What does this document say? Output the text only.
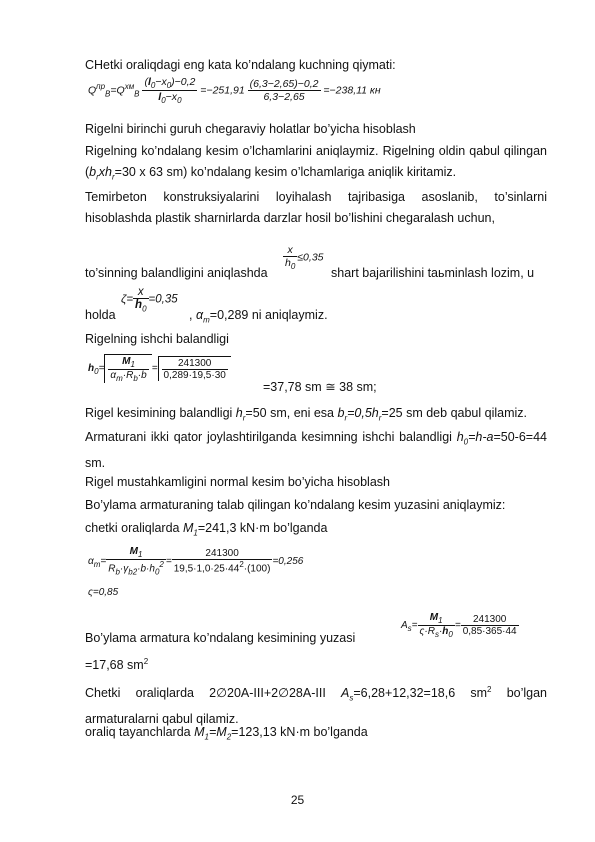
CHetki oraliqdagi eng kata ko’ndalang kuchning qiymati:
$Q^{пр}_B=Q^{хм}_B \frac{(l_0-x_0)-0,2}{l_0-x_0} =-251,91 \frac{(6,3-2,65)-0,2}{6,3-2,65} =-238,11$ кн
Rigelni birinchi guruh chegaraviy holatlar bo’yicha hisoblash
Rigelning ko’ndalang kesim o’lchamlarini aniqlaymiz. Rigelning oldin qabul qilingan ($b_rxh_r=30$ x 63 sm) ko’ndalang kesim o’lchamlariga aniqlik kiritamiz.
Temirbeton konstruksiyalarini loyihalash tajribasiga asoslanib, to’sinlarni hisoblashda plastik sharnirlarda darzlar hosil bo’lishini chegaralash uchun,
$\frac{x}{h_0} \le 0,35$
to’sinning balandligini aniqlashda	shart bajarilishini taьminlash lozim, u
$\zeta= \frac{x}{h_0} =0,35$
holda	, $\alpha_m=0,289$ ni aniqlaymiz.
Rigelning ishchi balandligi
$h_0= \frac{M_1}{\alpha_m\cdot R_b\cdot b} = \frac{241300}{0,289\cdot 19,5\cdot 30}$
=37,78 sm ≅ 38 sm;
Rigel kesimining balandligi $h_r=50$ sm, eni esa $b_r=0,5h_r=25$ sm deb qabul qilamiz.
Armaturani ikki qator joylashtirilganda kesimning ishchi balandligi $h_0=h-a=50-6=44$ sm.
Rigel mustahkamligini normal kesim bo’yicha hisoblash
Bo’ylama armaturaning talab qilingan ko’ndalang kesim yuzasini aniqlaymiz:
chetki oraliqlarda $M_1=241,3$ kN·m bo’lganda
$\alpha_m= \frac{M_1}{R_b\cdot\gamma_{b2}\cdot b\cdot h_0^2} = \frac{241300}{19,5\cdot 1,0\cdot 25\cdot 44^2\cdot(100)} =0,256$
ς=0,85
Bo’ylama armatura ko’ndalang kesimining yuzasi
$A_s= \frac{M_1}{\varsigma\cdot R_s\cdot h_0} = \frac{241300}{0,85\cdot 365\cdot 44}$
=17,68 $sm^2$
Chetki oraliqlarda 2∅20A-III+2∅28A-III $A_s=6,28+12,32=18,6$ $sm^2$ bo’lgan armaturalarni qabul qilamiz.
oraliq tayanchlarda $M_1=M_2=123,13$ kN·m bo’lganda
25
